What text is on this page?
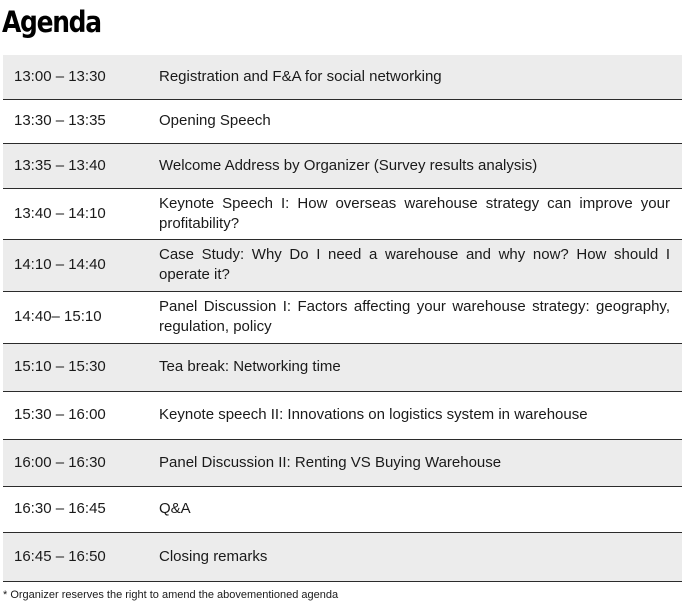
Agenda
13:00 – 13:30	Registration and F&A for social networking
13:30 – 13:35	Opening Speech
13:35 – 13:40	Welcome Address by Organizer (Survey results analysis)
13:40 – 14:10	Keynote Speech I: How overseas warehouse strategy can improve your profitability?
14:10 – 14:40	Case Study: Why Do I need a warehouse and why now? How should I operate it?
14:40– 15:10	Panel Discussion I: Factors affecting your warehouse strategy: geography, regulation, policy
15:10 – 15:30	Tea break: Networking time
15:30 – 16:00	Keynote speech II: Innovations on logistics system in warehouse
16:00 – 16:30	Panel Discussion II: Renting VS Buying Warehouse
16:30 – 16:45	Q&A
16:45 – 16:50	Closing remarks
* Organizer reserves the right to amend the abovementioned agenda
